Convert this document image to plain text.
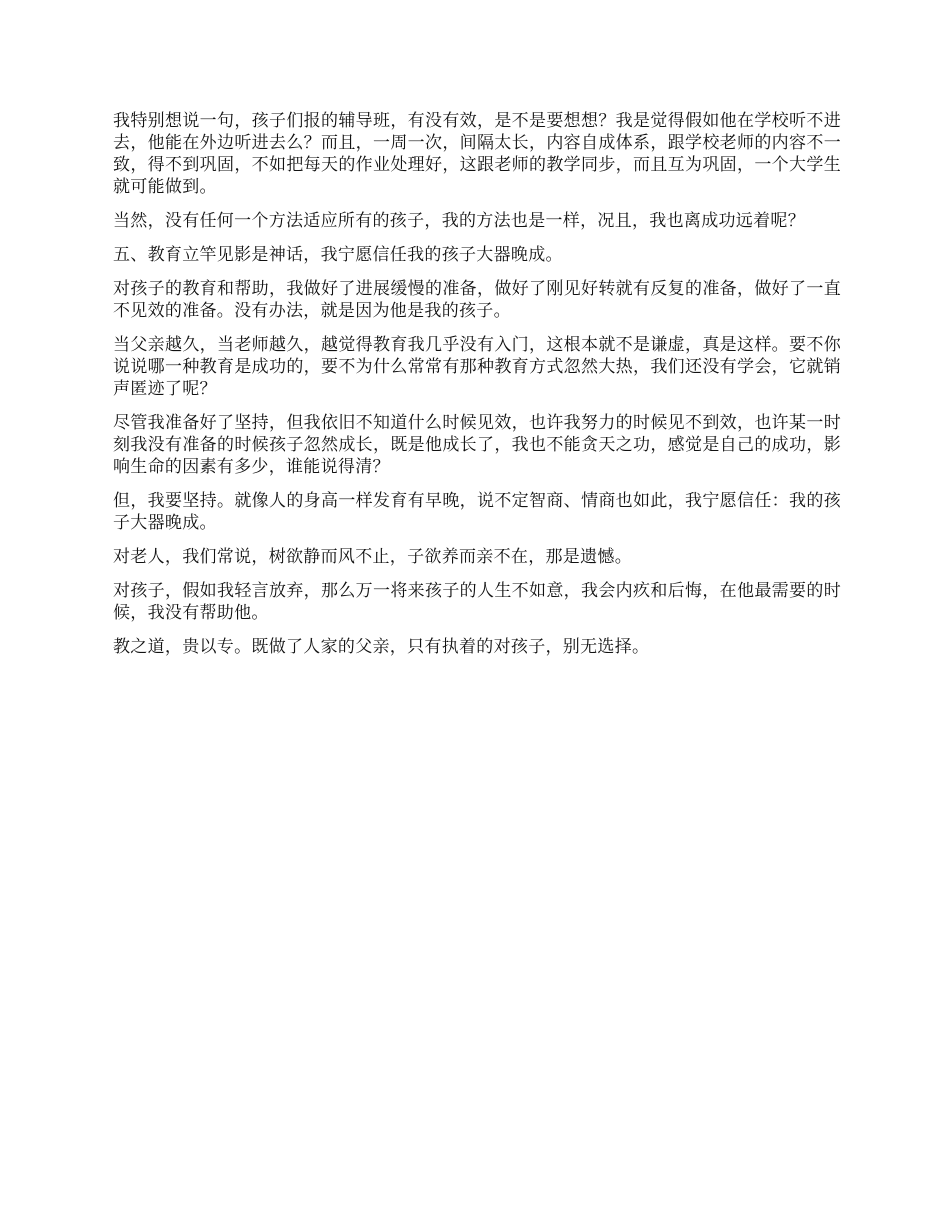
我特别想说一句，孩子们报的辅导班，有没有效，是不是要想想？我是觉得假如他在学校听不进去，他能在外边听进去么？而且，一周一次，间隔太长，内容自成体系，跟学校老师的内容不一致，得不到巩固，不如把每天的作业处理好，这跟老师的教学同步，而且互为巩固，一个大学生就可能做到。

当然，没有任何一个方法适应所有的孩子，我的方法也是一样，况且，我也离成功远着呢？

五、教育立竿见影是神话，我宁愿信任我的孩子大器晚成。

对孩子的教育和帮助，我做好了进展缓慢的准备，做好了刚见好转就有反复的准备，做好了一直不见效的准备。没有办法，就是因为他是我的孩子。

当父亲越久，当老师越久，越觉得教育我几乎没有入门，这根本就不是谦虚，真是这样。要不你说说哪一种教育是成功的，要不为什么常常有那种教育方式忽然大热，我们还没有学会，它就销声匿迹了呢？

尽管我准备好了坚持，但我依旧不知道什么时候见效，也许我努力的时候见不到效，也许某一时刻我没有准备的时候孩子忽然成长，既是他成长了，我也不能贪天之功，感觉是自己的成功，影响生命的因素有多少，谁能说得清？

但，我要坚持。就像人的身高一样发育有早晚，说不定智商、情商也如此，我宁愿信任：我的孩子大器晚成。

对老人，我们常说，树欲静而风不止，子欲养而亲不在，那是遗憾。

对孩子，假如我轻言放弃，那么万一将来孩子的人生不如意，我会内疚和后悔，在他最需要的时候，我没有帮助他。

教之道，贵以专。既做了人家的父亲，只有执着的对孩子，别无选择。
